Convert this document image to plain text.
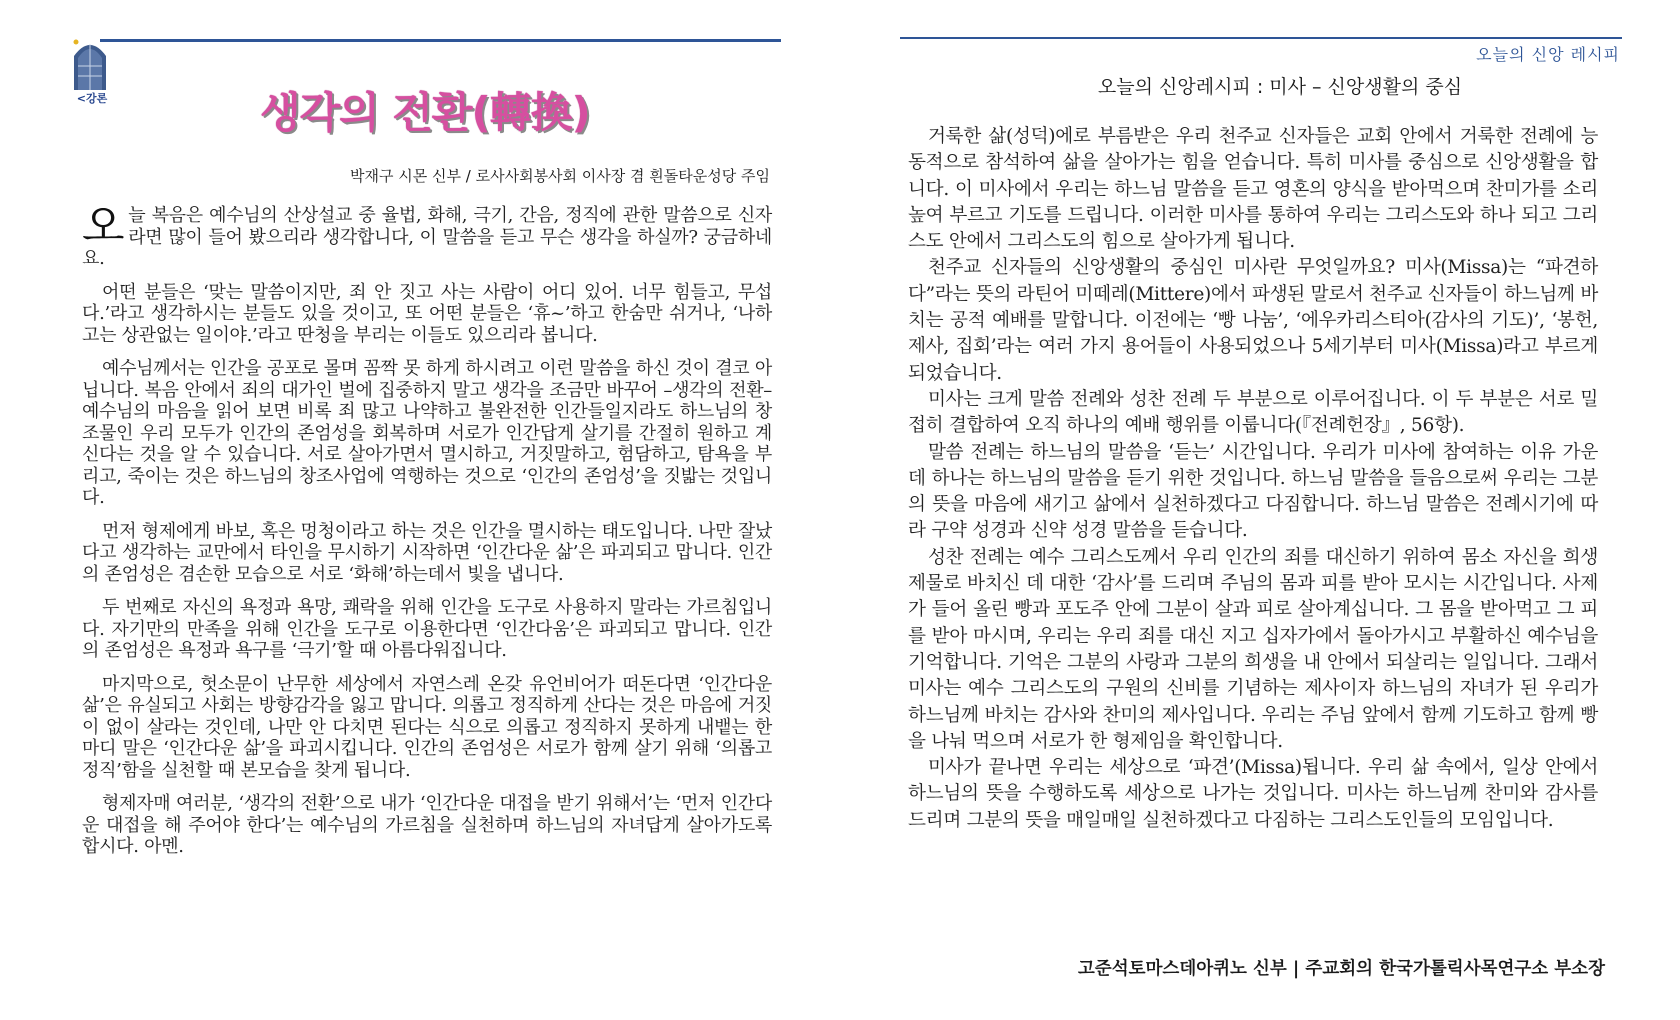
<강론	생각의 전환(轉換)
박재구 시몬 신부 / 로사사회봉사회 이사장 겸 흰돌타운성당 주임

오늘 복음은 예수님의 산상설교 중 율법, 화해, 극기, 간음, 정직에 관한 말씀으로 신자라면 많이 들어 봤으리라 생각합니다, 이 말씀을 듣고 무슨 생각을 하실까? 궁금하네요.

어떤 분들은 ‘맞는 말씀이지만, 죄 안 짓고 사는 사람이 어디 있어. 너무 힘들고, 무섭다.’라고 생각하시는 분들도 있을 것이고, 또 어떤 분들은 ‘휴~’하고 한숨만 쉬거나, ‘나하고는 상관없는 일이야.’라고 딴청을 부리는 이들도 있으리라 봅니다.

예수님께서는 인간을 공포로 몰며 꼼짝 못 하게 하시려고 이런 말씀을 하신 것이 결코 아닙니다. 복음 안에서 죄의 대가인 벌에 집중하지 말고 생각을 조금만 바꾸어 –생각의 전환– 예수님의 마음을 읽어 보면 비록 죄 많고 나약하고 불완전한 인간들일지라도 하느님의 창조물인 우리 모두가 인간의 존엄성을 회복하며 서로가 인간답게 살기를 간절히 원하고 계신다는 것을 알 수 있습니다. 서로 살아가면서 멸시하고, 거짓말하고, 험담하고, 탐욕을 부리고, 죽이는 것은 하느님의 창조사업에 역행하는 것으로 ‘인간의 존엄성’을 짓밟는 것입니다.

먼저 형제에게 바보, 혹은 멍청이라고 하는 것은 인간을 멸시하는 태도입니다. 나만 잘났다고 생각하는 교만에서 타인을 무시하기 시작하면 ‘인간다운 삶’은 파괴되고 맙니다. 인간의 존엄성은 겸손한 모습으로 서로 ‘화해’하는데서 빛을 냅니다.

두 번째로 자신의 욕정과 욕망, 쾌락을 위해 인간을 도구로 사용하지 말라는 가르침입니다. 자기만의 만족을 위해 인간을 도구로 이용한다면 ‘인간다움’은 파괴되고 맙니다. 인간의 존엄성은 욕정과 욕구를 ‘극기’할 때 아름다워집니다.

마지막으로, 헛소문이 난무한 세상에서 자연스레 온갖 유언비어가 떠돈다면 ‘인간다운 삶’은 유실되고 사회는 방향감각을 잃고 맙니다. 의롭고 정직하게 산다는 것은 마음에 거짓이 없이 살라는 것인데, 나만 안 다치면 된다는 식으로 의롭고 정직하지 못하게 내뱉는 한 마디 말은 ‘인간다운 삶’을 파괴시킵니다. 인간의 존엄성은 서로가 함께 살기 위해 ‘의롭고 정직’함을 실천할 때 본모습을 찾게 됩니다.

형제자매 여러분, ‘생각의 전환’으로 내가 ‘인간다운 대접을 받기 위해서’는 ‘먼저 인간다운 대접을 해 주어야 한다’는 예수님의 가르침을 실천하며 하느님의 자녀답게 살아가도록 합시다. 아멘.

오늘의 신앙 레시피
오늘의 신앙레시피 : 미사 – 신앙생활의 중심

거룩한 삶(성덕)에로 부름받은 우리 천주교 신자들은 교회 안에서 거룩한 전례에 능동적으로 참석하여 삶을 살아가는 힘을 얻습니다. 특히 미사를 중심으로 신앙생활을 합니다. 이 미사에서 우리는 하느님 말씀을 듣고 영혼의 양식을 받아먹으며 찬미가를 소리 높여 부르고 기도를 드립니다. 이러한 미사를 통하여 우리는 그리스도와 하나 되고 그리스도 안에서 그리스도의 힘으로 살아가게 됩니다.

천주교 신자들의 신앙생활의 중심인 미사란 무엇일까요? 미사(Missa)는 “파견하다”라는 뜻의 라틴어 미떼레(Mittere)에서 파생된 말로서 천주교 신자들이 하느님께 바치는 공적 예배를 말합니다. 이전에는 ‘빵 나눔’, ‘에우카리스티아(감사의 기도)’, ‘봉헌, 제사, 집회’라는 여러 가지 용어들이 사용되었으나 5세기부터 미사(Missa)라고 부르게 되었습니다.

미사는 크게 말씀 전례와 성찬 전례 두 부분으로 이루어집니다. 이 두 부분은 서로 밀접히 결합하여 오직 하나의 예배 행위를 이룹니다(『전례헌장』, 56항).

말씀 전례는 하느님의 말씀을 ‘듣는’ 시간입니다. 우리가 미사에 참여하는 이유 가운데 하나는 하느님의 말씀을 듣기 위한 것입니다. 하느님 말씀을 들음으로써 우리는 그분의 뜻을 마음에 새기고 삶에서 실천하겠다고 다짐합니다. 하느님 말씀은 전례시기에 따라 구약 성경과 신약 성경 말씀을 듣습니다.

성찬 전례는 예수 그리스도께서 우리 인간의 죄를 대신하기 위하여 몸소 자신을 희생 제물로 바치신 데 대한 ‘감사’를 드리며 주님의 몸과 피를 받아 모시는 시간입니다. 사제가 들어 올린 빵과 포도주 안에 그분이 살과 피로 살아계십니다. 그 몸을 받아먹고 그 피를 받아 마시며, 우리는 우리 죄를 대신 지고 십자가에서 돌아가시고 부활하신 예수님을 기억합니다. 기억은 그분의 사랑과 그분의 희생을 내 안에서 되살리는 일입니다. 그래서 미사는 예수 그리스도의 구원의 신비를 기념하는 제사이자 하느님의 자녀가 된 우리가 하느님께 바치는 감사와 찬미의 제사입니다. 우리는 주님 앞에서 함께 기도하고 함께 빵을 나눠 먹으며 서로가 한 형제임을 확인합니다.

미사가 끝나면 우리는 세상으로 ‘파견’(Missa)됩니다. 우리 삶 속에서, 일상 안에서 하느님의 뜻을 수행하도록 세상으로 나가는 것입니다. 미사는 하느님께 찬미와 감사를 드리며 그분의 뜻을 매일매일 실천하겠다고 다짐하는 그리스도인들의 모임입니다.

고준석토마스데아퀴노 신부 | 주교회의 한국가톨릭사목연구소 부소장
